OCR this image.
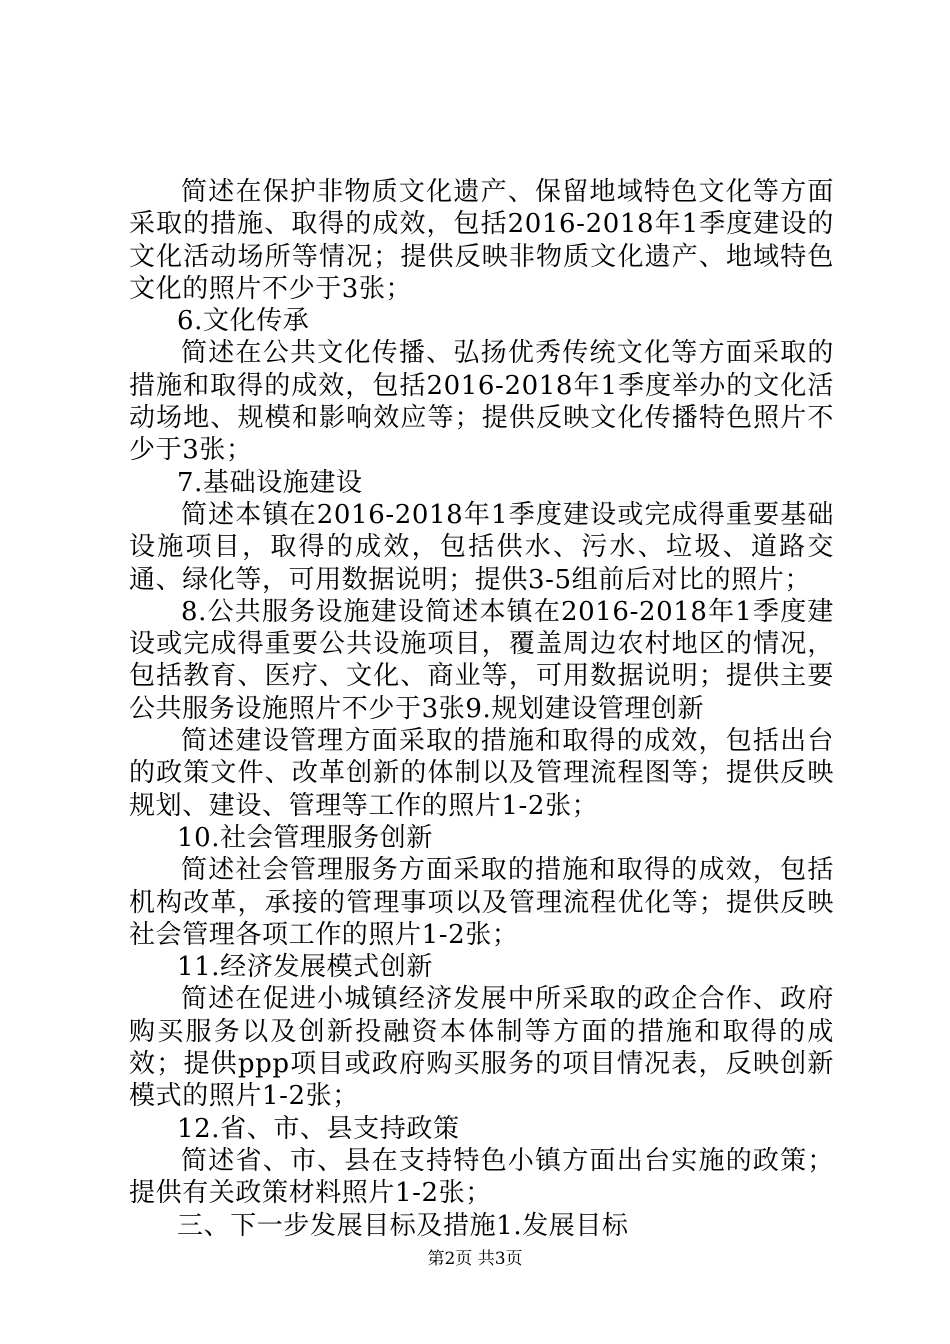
简述在保护非物质文化遗产、保留地域特色文化等方面采取的措施、取得的成效，包括2016-2018年1季度建设的文化活动场所等情况；提供反映非物质文化遗产、地域特色文化的照片不少于3张；

6.文化传承

简述在公共文化传播、弘扬优秀传统文化等方面采取的措施和取得的成效，包括2016-2018年1季度举办的文化活动场地、规模和影响效应等；提供反映文化传播特色照片不少于3张；

7.基础设施建设

简述本镇在2016-2018年1季度建设或完成得重要基础设施项目，取得的成效，包括供水、污水、垃圾、道路交通、绿化等，可用数据说明；提供3-5组前后对比的照片；

8.公共服务设施建设简述本镇在2016-2018年1季度建设或完成得重要公共设施项目，覆盖周边农村地区的情况，包括教育、医疗、文化、商业等，可用数据说明；提供主要公共服务设施照片不少于3张9.规划建设管理创新

简述建设管理方面采取的措施和取得的成效，包括出台的政策文件、改革创新的体制以及管理流程图等；提供反映规划、建设、管理等工作的照片1-2张；

10.社会管理服务创新

简述社会管理服务方面采取的措施和取得的成效，包括机构改革，承接的管理事项以及管理流程优化等；提供反映社会管理各项工作的照片1-2张；

11.经济发展模式创新

简述在促进小城镇经济发展中所采取的政企合作、政府购买服务以及创新投融资本体制等方面的措施和取得的成效；提供ppp项目或政府购买服务的项目情况表，反映创新模式的照片1-2张；

12.省、市、县支持政策

简述省、市、县在支持特色小镇方面出台实施的政策；提供有关政策材料照片1-2张；

三、下一步发展目标及措施1.发展目标

第2页 共3页
